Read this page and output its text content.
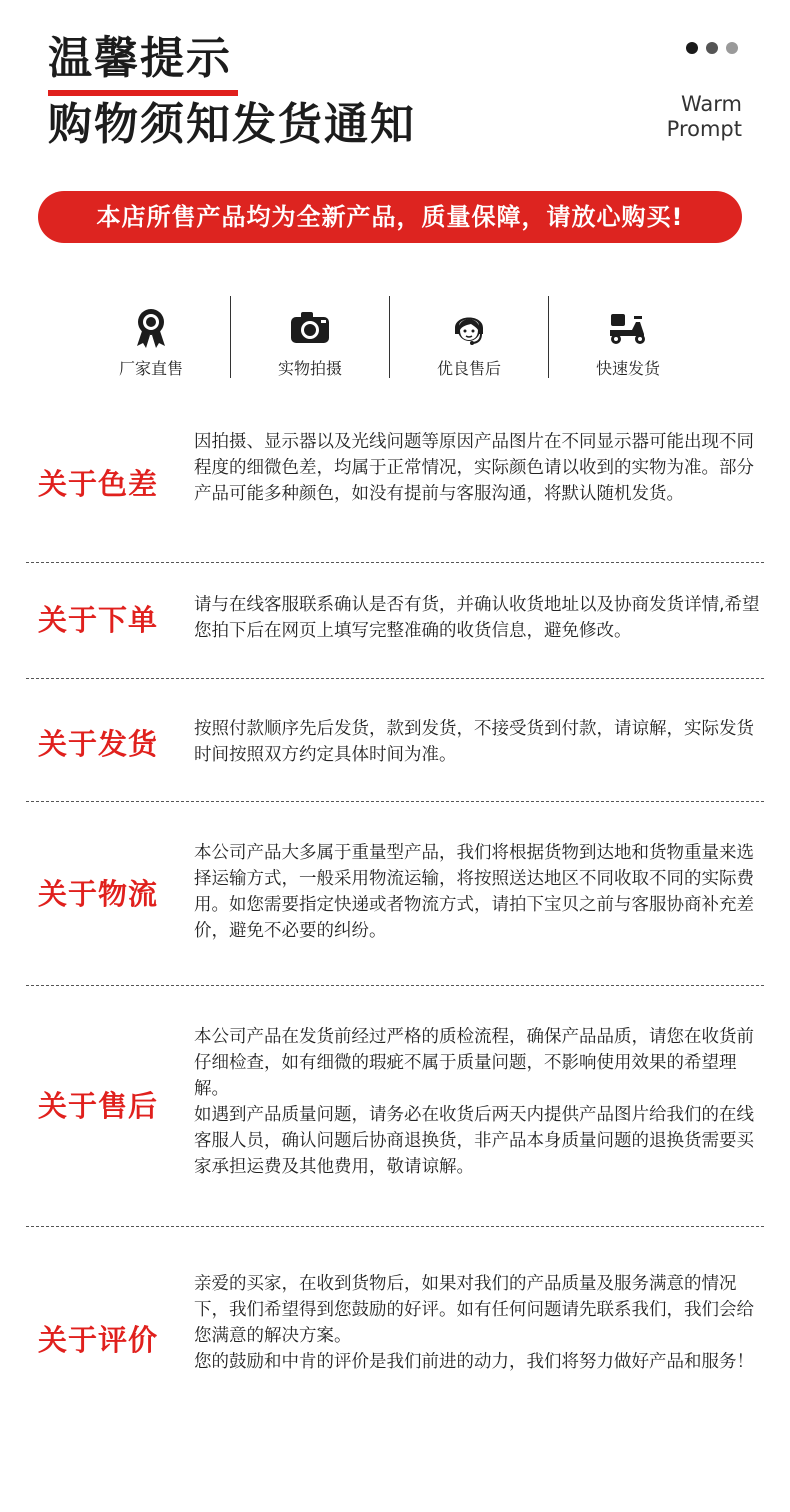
温馨提示
购物须知发货通知	Warm
Prompt
本店所售产品均为全新产品，质量保障，请放心购买!
厂家直售	实物拍摄	优良售后	快速发货
关于色差

因拍摄、显示器以及光线问题等原因产品图片在不同显示器可能出现不同程度的细微色差，均属于正常情况，实际颜色请以收到的实物为准。部分产品可能多种颜色，如没有提前与客服沟通，将默认随机发货。

关于下单 请与在线客服联系确认是否有货，并确认收货地址以及协商发货详情,希望您拍下后在网页上填写完整准确的收货信息，避免修改。

关于发货 按照付款顺序先后发货，款到发货，不接受货到付款，请谅解，实际发货时间按照双方约定具体时间为准。

关于物流

本公司产品大多属于重量型产品，我们将根据货物到达地和货物重量来选择运输方式，一般采用物流运输，将按照送达地区不同收取不同的实际费用。如您需要指定快递或者物流方式，请拍下宝贝之前与客服协商补充差价，避免不必要的纠纷。

关于售后

本公司产品在发货前经过严格的质检流程，确保产品品质，请您在收货前仔细检查，如有细微的瑕疵不属于质量问题，不影响使用效果的希望理解。

如遇到产品质量问题，请务必在收货后两天内提供产品图片给我们的在线客服人员，确认问题后协商退换货，非产品本身质量问题的退换货需要买家承担运费及其他费用，敬请谅解。

关于评价

亲爱的买家，在收到货物后，如果对我们的产品质量及服务满意的情况下，我们希望得到您鼓励的好评。如有任何问题请先联系我们，我们会给您满意的解决方案。

您的鼓励和中肯的评价是我们前进的动力，我们将努力做好产品和服务！
